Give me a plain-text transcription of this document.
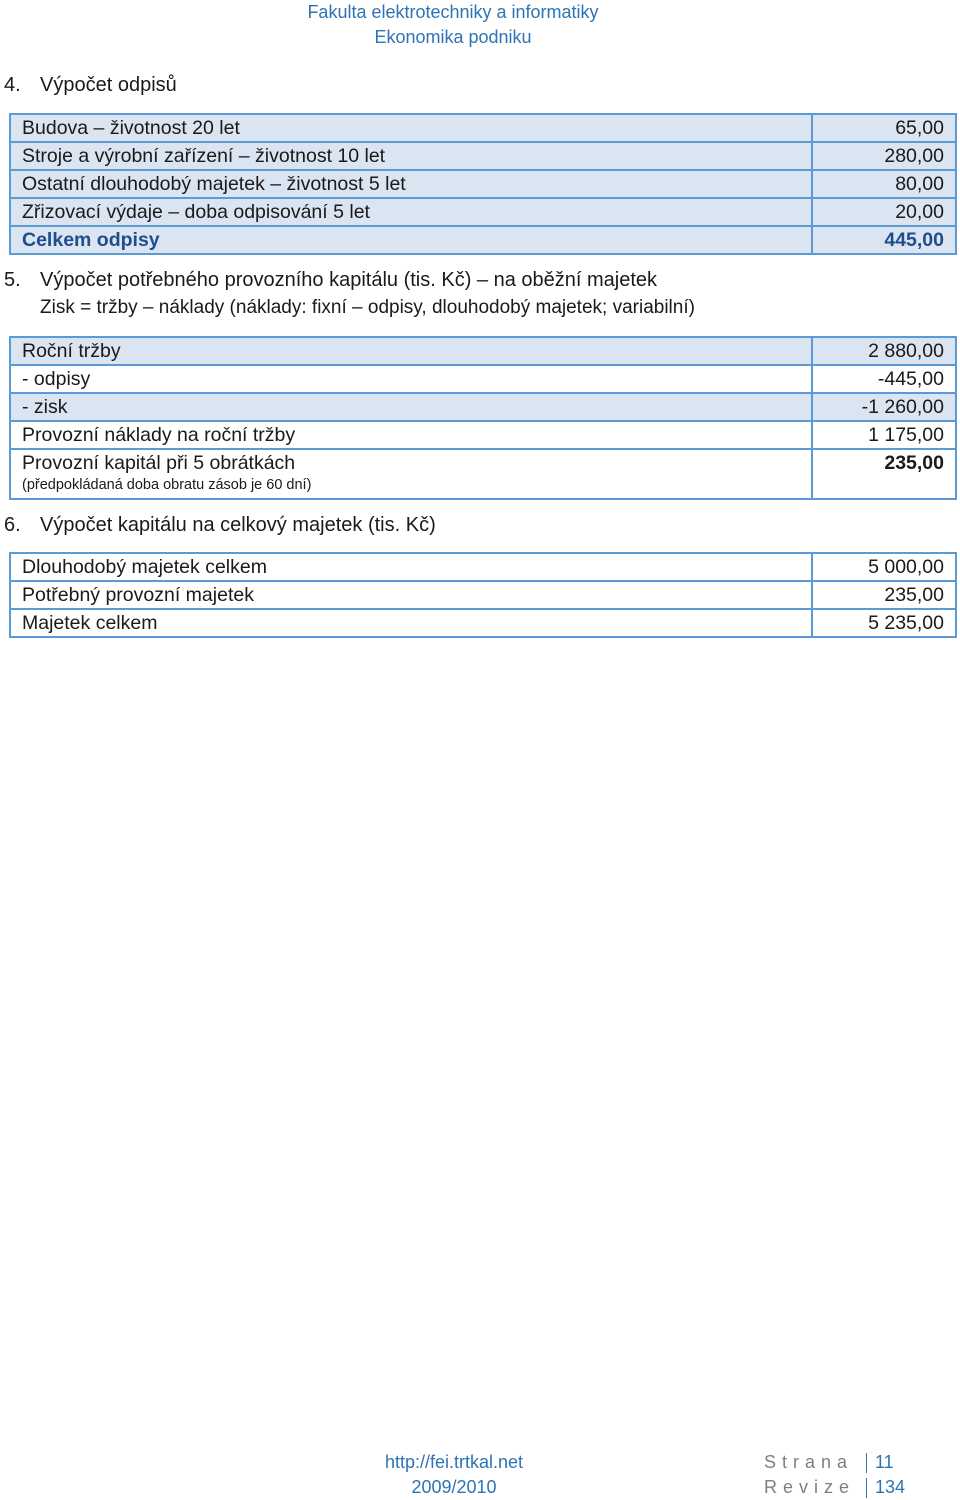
Fakulta elektrotechniky a informatiky
Ekonomika podniku
4. Výpočet odpisů
Budova – životnost 20 let	65,00
Stroje a výrobní zařízení – životnost 10 let	280,00
Ostatní dlouhodobý majetek – životnost 5 let	80,00
Zřizovací výdaje – doba odpisování 5 let	20,00
Celkem odpisy	445,00
5. Výpočet potřebného provozního kapitálu (tis. Kč) – na oběžní majetek
Zisk = tržby – náklady (náklady: fixní – odpisy, dlouhodobý majetek; variabilní)
Roční tržby	2 880,00
- odpisy	-445,00
- zisk	-1 260,00
Provozní náklady na roční tržby	1 175,00
Provozní kapitál při 5 obrátkách
(předpokládaná doba obratu zásob je 60 dní)	235,00
6. Výpočet kapitálu na celkový majetek (tis. Kč)
Dlouhodobý majetek celkem	5 000,00
Potřebný provozní majetek	235,00
Majetek celkem	5 235,00
http://fei.trtkal.net
2009/2010
Strana 11
Revize 134
